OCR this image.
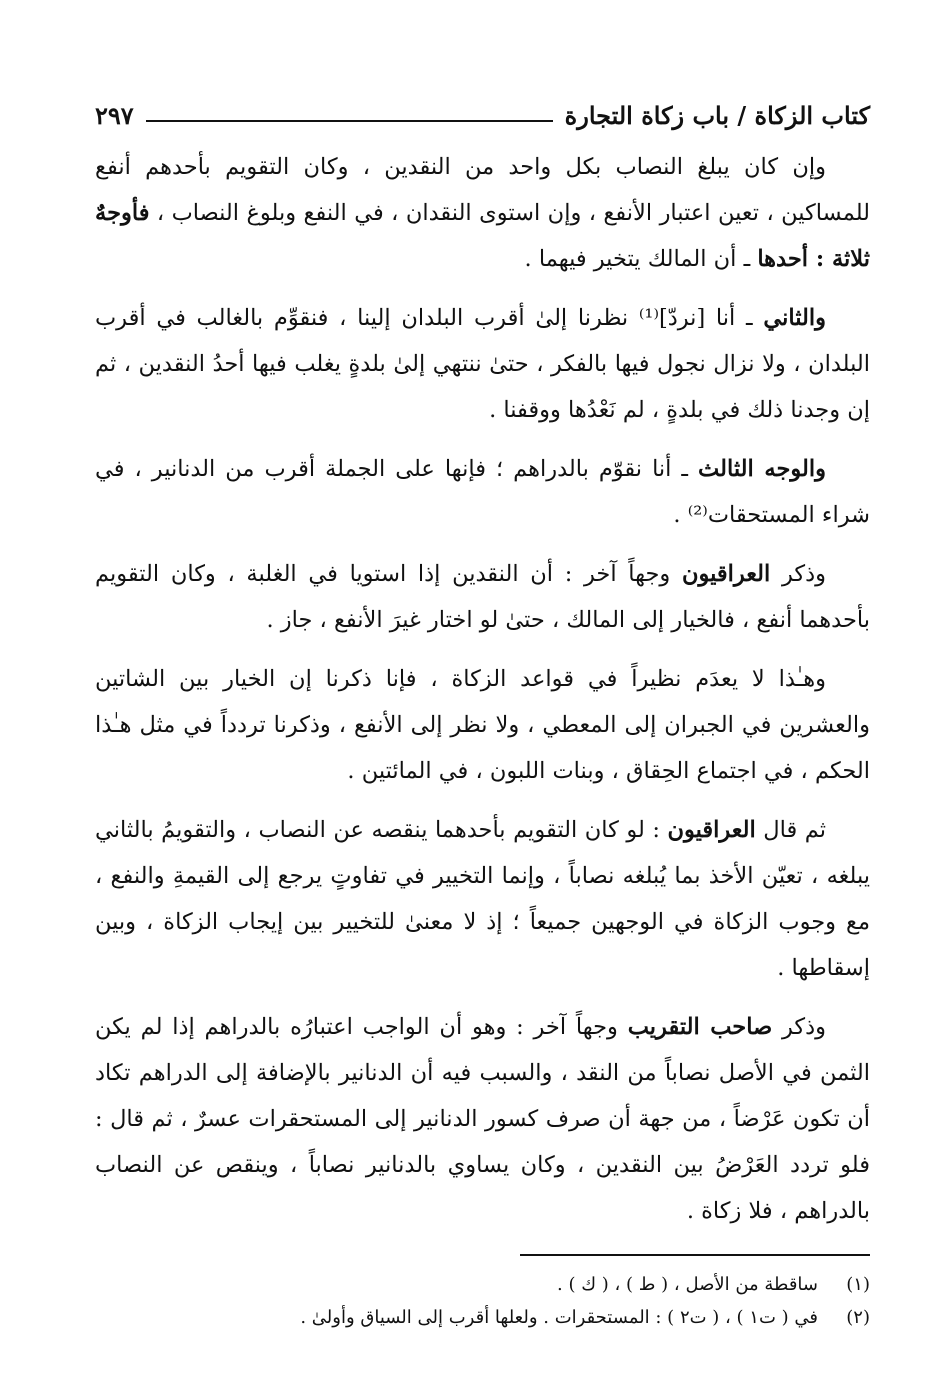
كتاب الزكاة / باب زكاة التجارة
٢٩٧

وإن كان يبلغ النصاب بكل واحد من النقدين ، وكان التقويم بأحدهم أنفع للمساكين ، تعين اعتبار الأنفع ، وإن استوى النقدان ، في النفع وبلوغ النصاب ، فأوجهٌ ثلاثة : أحدها ـ أن المالك يتخير فيهما .

والثاني ـ أنا [نردّ]⁽¹⁾ نظرنا إلىٰ أقرب البلدان إلينا ، فنقوِّم بالغالب في أقرب البلدان ، ولا نزال نجول فيها بالفكر ، حتىٰ ننتهي إلىٰ بلدةٍ يغلب فيها أحدُ النقدين ، ثم إن وجدنا ذلك في بلدةٍ ، لم نَعْدُها ووقفنا .

والوجه الثالث ـ أنا نقوّم بالدراهم ؛ فإنها على الجملة أقرب من الدنانير ، في شراء المستحقات⁽²⁾ .

وذكر العراقيون وجهاً آخر : أن النقدين إذا استويا في الغلبة ، وكان التقويم بأحدهما أنفع ، فالخيار إلى المالك ، حتىٰ لو اختار غيرَ الأنفع ، جاز .

وهـٰذا لا يعدَم نظيراً في قواعد الزكاة ، فإنا ذكرنا إن الخيار بين الشاتين والعشرين في الجبران إلى المعطي ، ولا نظر إلى الأنفع ، وذكرنا تردداً في مثل هـٰذا الحكم ، في اجتماع الحِقاق ، وبنات اللبون ، في المائتين .

ثم قال العراقيون : لو كان التقويم بأحدهما ينقصه عن النصاب ، والتقويمُ بالثاني يبلغه ، تعيّن الأخذ بما يُبلغه نصاباً ، وإنما التخيير في تفاوتٍ يرجع إلى القيمةِ والنفع ، مع وجوب الزكاة في الوجهين جميعاً ؛ إذ لا معنىٰ للتخيير بين إيجاب الزكاة ، وبين إسقاطها .

وذكر صاحب التقريب وجهاً آخر : وهو أن الواجب اعتبارُه بالدراهم إذا لم يكن الثمن في الأصل نصاباً من النقد ، والسبب فيه أن الدنانير بالإضافة إلى الدراهم تكاد أن تكون عَرْضاً ، من جهة أن صرف كسور الدنانير إلى المستحقرات عسرٌ ، ثم قال : فلو تردد العَرْضُ بين النقدين ، وكان يساوي بالدنانير نصاباً ، وينقص عن النصاب بالدراهم ، فلا زكاة .

(١)
ساقطة من الأصل ، ( ط ) ، ( ك ) .
(٢)
في ( ت١ ) ، ( ت٢ ) : المستحقرات . ولعلها أقرب إلى السياق وأولىٰ .
